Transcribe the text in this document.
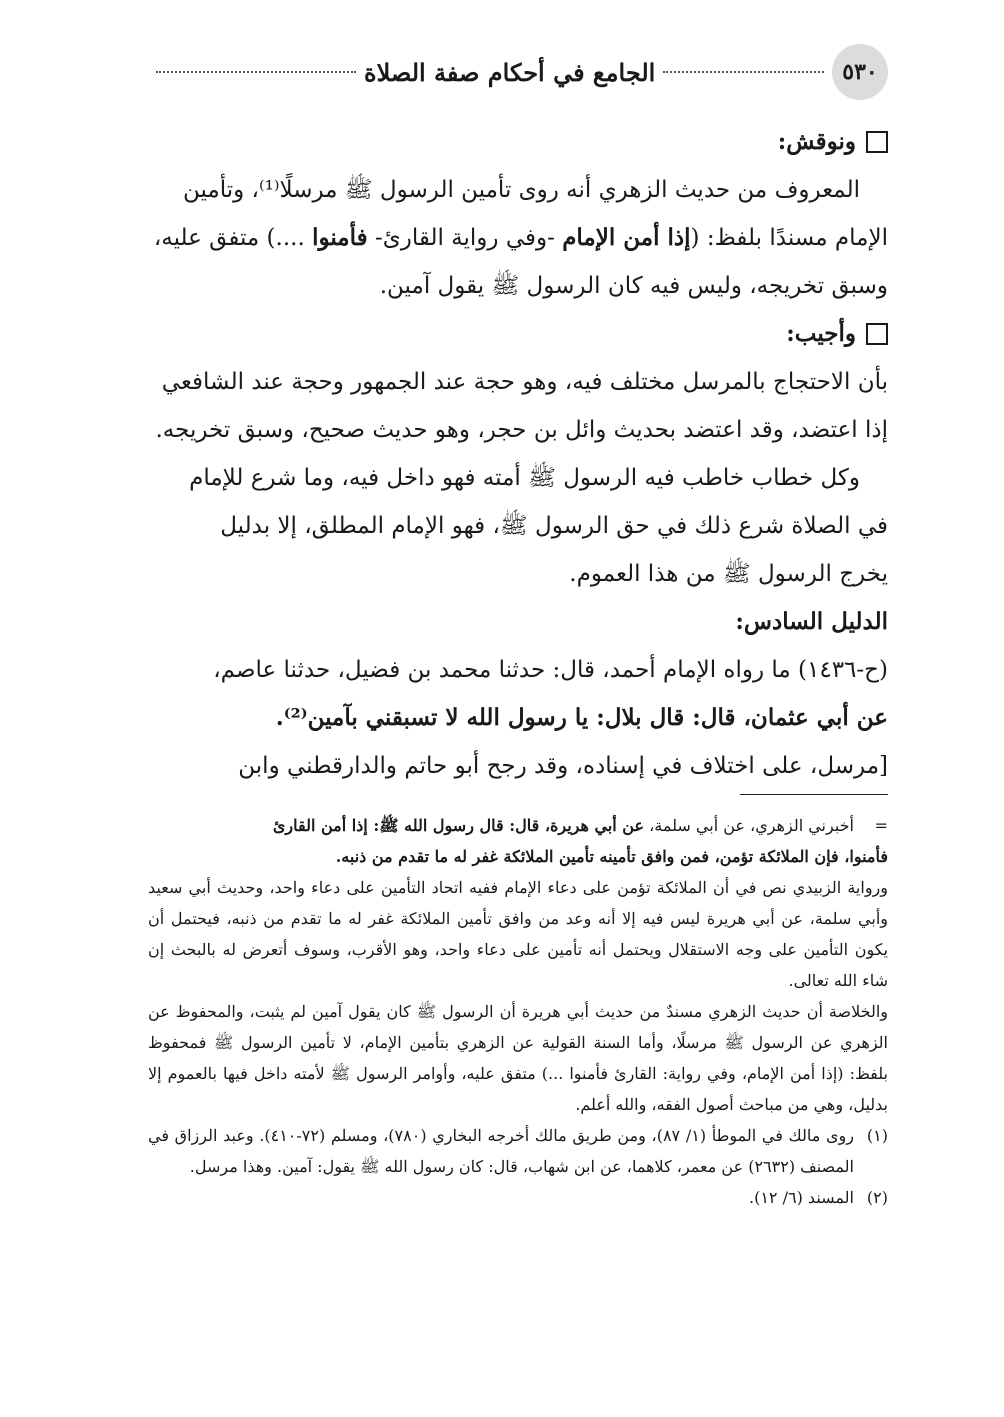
٥٣٠
الجامع في أحكام صفة الصلاة

ونوقش:

المعروف من حديث الزهري أنه روى تأمين الرسول ﷺ مرسلًا⁽¹⁾، وتأمين

الإمام مسندًا بلفظ: (إذا أمن الإمام -وفي رواية القارئ- فأمنوا ....) متفق عليه،

وسبق تخريجه، وليس فيه كان الرسول ﷺ يقول آمين.

وأجيب:

بأن الاحتجاج بالمرسل مختلف فيه، وهو حجة عند الجمهور وحجة عند الشافعي

إذا اعتضد، وقد اعتضد بحديث وائل بن حجر، وهو حديث صحيح، وسبق تخريجه.

وكل خطاب خاطب فيه الرسول ﷺ أمته فهو داخل فيه، وما شرع للإمام

في الصلاة شرع ذلك في حق الرسول ﷺ، فهو الإمام المطلق، إلا بدليل

يخرج الرسول ﷺ من هذا العموم.

الدليل السادس:

(ح-١٤٣٦) ما رواه الإمام أحمد، قال: حدثنا محمد بن فضيل، حدثنا عاصم،

عن أبي عثمان، قال: قال بلال: يا رسول الله لا تسبقني بآمين⁽²⁾.

[مرسل، على اختلاف في إسناده، وقد رجح أبو حاتم والدارقطني وابن

=
أخبرني الزهري، عن أبي سلمة، عن أبي هريرة، قال: قال رسول الله ﷺ: إذا أمن القارئ

فأمنوا، فإن الملائكة تؤمن، فمن وافق تأمينه تأمين الملائكة غفر له ما تقدم من ذنبه.

ورواية الزبيدي نص في أن الملائكة تؤمن على دعاء الإمام ففيه اتحاد التأمين على دعاء واحد، وحديث أبي سعيد وأبي سلمة، عن أبي هريرة ليس فيه إلا أنه وعد من وافق تأمين الملائكة غفر له ما تقدم من ذنبه، فيحتمل أن يكون التأمين على وجه الاستقلال ويحتمل أنه تأمين على دعاء واحد، وهو الأقرب، وسوف أتعرض له بالبحث إن شاء الله تعالى.

والخلاصة أن حديث الزهري مسندٌ من حديث أبي هريرة أن الرسول ﷺ كان يقول آمين لم يثبت، والمحفوظ عن الزهري عن الرسول ﷺ مرسلًا، وأما السنة القولية عن الزهري بتأمين الإمام، لا تأمين الرسول ﷺ فمحفوظ بلفظ: (إذا أمن الإمام، وفي رواية: القارئ فأمنوا ...) متفق عليه، وأوامر الرسول ﷺ لأمته داخل فيها بالعموم إلا بدليل، وهي من مباحث أصول الفقه، والله أعلم.

(١)
روى مالك في الموطأ (١/ ٨٧)، ومن طريق مالك أخرجه البخاري (٧٨٠)، ومسلم (٧٢-٤١٠). وعبد الرزاق في المصنف (٢٦٣٢) عن معمر، كلاهما، عن ابن شهاب، قال: كان رسول الله ﷺ يقول: آمين. وهذا مرسل.
(٢)
المسند (٦/ ١٢).
